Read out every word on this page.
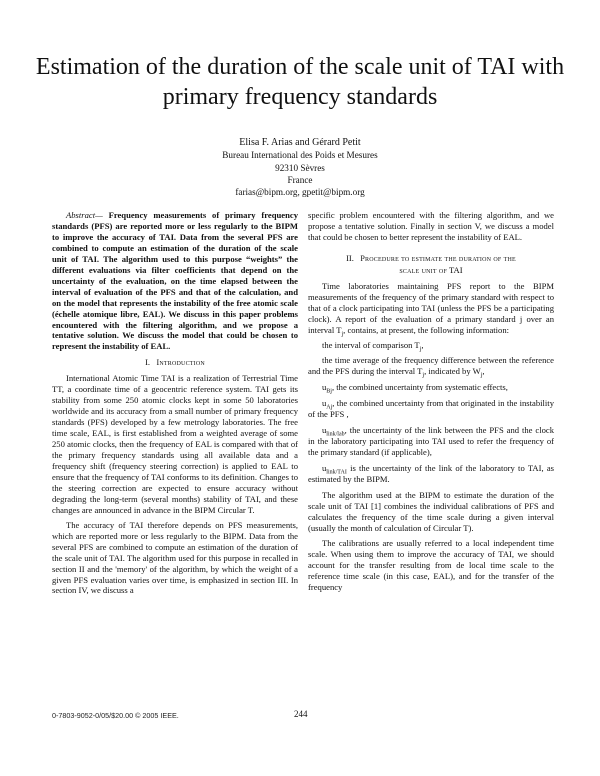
Estimation of the duration of the scale unit of TAI with
primary frequency standards
Elisa F. Arias and Gérard Petit
Bureau International des Poids et Mesures
92310 Sèvres
France
farias@bipm.org, gpetit@bipm.org

Abstract— Frequency measurements of primary frequency standards (PFS) are reported more or less regularly to the BIPM to improve the accuracy of TAI. Data from the several PFS are combined to compute an estimation of the duration of the scale unit of TAI. The algorithm used to this purpose “weights” the different evaluations via filter coefficients that depend on the uncertainty of the evaluation, on the time elapsed between the interval of evaluation of the PFS and that of the calculation, and on the model that represents the instability of the free atomic scale (échelle atomique libre, EAL). We discuss in this paper problems encountered with the filtering algorithm, and we propose a tentative solution. We discuss the model that could be chosen to represent the instability of EAL.

I. Introduction

International Atomic Time TAI is a realization of Terrestrial Time TT, a coordinate time of a geocentric reference system. TAI gets its stability from some 250 atomic clocks kept in some 50 laboratories worldwide and its accuracy from a small number of primary frequency standards (PFS) developed by a few metrology laboratories. The free time scale, EAL, is first established from a weighted average of some 250 atomic clocks, then the frequency of EAL is compared with that of the primary frequency standards using all available data and a frequency shift (frequency steering correction) is applied to EAL to ensure that the frequency of TAI conforms to its definition. Changes to the steering correction are expected to ensure accuracy without degrading the long-term (several months) stability of TAI, and these changes are announced in advance in the BIPM Circular T.

The accuracy of TAI therefore depends on PFS measurements, which are reported more or less regularly to the BIPM. Data from the several PFS are combined to compute an estimation of the duration of the scale unit of TAI. The algorithm used for this purpose in recalled in section II and the 'memory' of the algorithm, by which the weight of a given PFS evaluation varies over time, is emphasized in section III. In section IV, we discuss a

specific problem encountered with the filtering algorithm, and we propose a tentative solution. Finally in section V, we discuss a model that could be chosen to better represent the instability of EAL.

II. Procedure to estimate the duration of the
scale unit of TAI

Time laboratories maintaining PFS report to the BIPM measurements of the frequency of the primary standard with respect to that of a clock participating into TAI (unless the PFS be a participating clock). A report of the evaluation of a primary standard j over an interval $T_j$, contains, at present, the following information:

the interval of comparison $T_j$,

the time average of the frequency difference between the reference and the PFS during the interval $T_j$, indicated by $W_j$,

$u_{Bj}$, the combined uncertainty from systematic effects,

$u_{Aj}$, the combined uncertainty from that originated in the instability of the PFS ,

$u_{link/lab}$, the uncertainty of the link between the PFS and the clock in the laboratory participating into TAI used to refer the frequency of the primary standard (if applicable),

$u_{link/TAI}$ is the uncertainty of the link of the laboratory to TAI, as estimated by the BIPM.

The algorithm used at the BIPM to estimate the duration of the scale unit of TAI [1] combines the individual calibrations of PFS and calculates the frequency of the time scale during a given interval (usually the month of calculation of Circular T).

The calibrations are usually referred to a local independent time scale. When using them to improve the accuracy of TAI, we should account for the transfer resulting from de local time scale to the reference time scale (in this case, EAL), and for the transfer of the frequency

0-7803-9052-0/05/$20.00 © 2005 IEEE.	244
